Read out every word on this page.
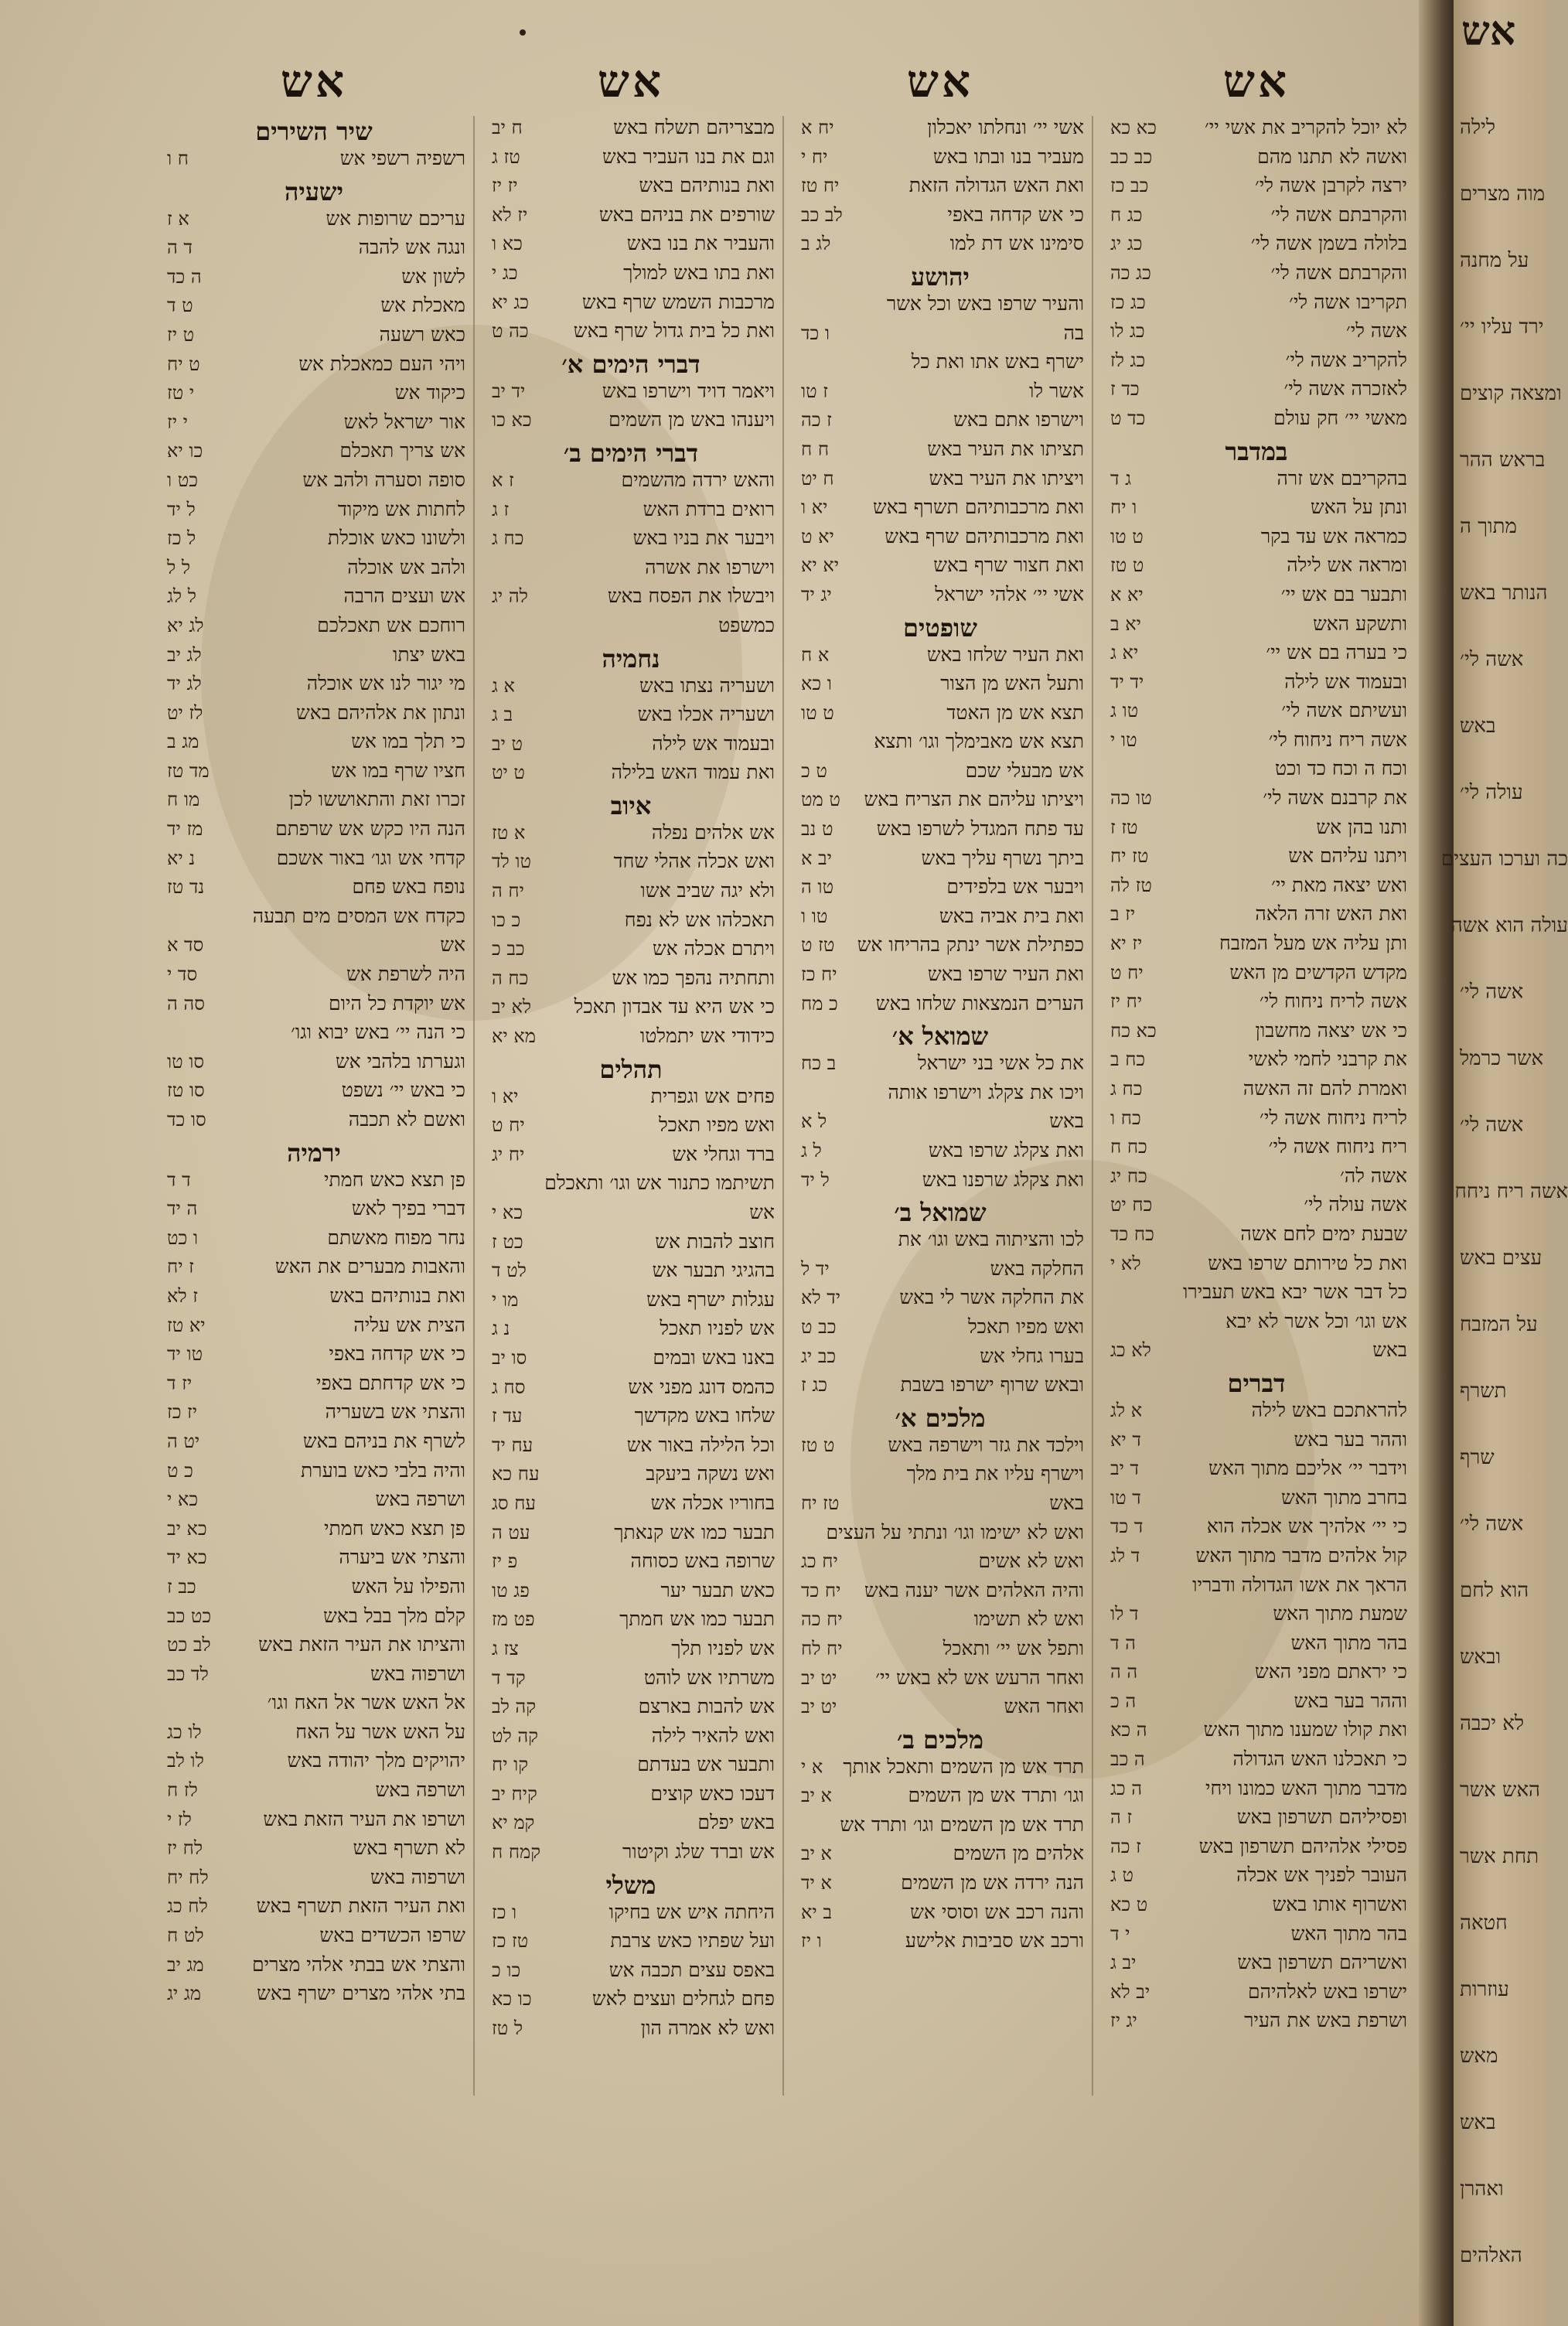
אש
לא יוכל להקריב את אשי יי׳
כא כא
ואשה לא תתנו מהם
כב כב
ירצה לקרבן אשה לי׳
כב כז
והקרבתם אשה לי׳
כג ח
בלולה בשמן אשה לי׳
כג יג
והקרבתם אשה לי׳
כג כה
תקריבו אשה לי׳
כג כז
אשה לי׳
כג לו
להקריב אשה לי׳
כג לז
לאזכרה אשה לי׳
כד ז
מאשי יי׳ חק עולם
כד ט
במדבר
בהקריבם אש זרה
ג ד
ונתן על האש
ו יח
כמראה אש עד בקר
ט טו
ומראה אש לילה
ט טז
ותבער בם אש יי׳
יא א
ותשקע האש
יא ב
כי בערה בם אש יי׳
יא ג
ובעמוד אש לילה
יד יד
ועשיתם אשה לי׳
טו ג
אשה ריח ניחוח לי׳
טו י
וכח ה וכח כד וכט
את קרבנם אשה לי׳
טו כה
ותנו בהן אש
טז ז
ויתנו עליהם אש
טז יח
ואש יצאה מאת יי׳
טז לה
ואת האש זרה הלאה
יז ב
ותן עליה אש מעל המזבח
יז יא
מקדש הקדשים מן האש
יח ט
אשה לריח ניחוח לי׳
יח יז
כי אש יצאה מחשבון
כא כח
את קרבני לחמי לאשי
כח ב
ואמרת להם זה האשה
כח ג
לריח ניחוח אשה לי׳
כח ו
ריח ניחוח אשה לי׳
כח ח
אשה לה׳
כח יג
אשה עולה לי׳
כח יט
שבעת ימים לחם אשה
כח כד
ואת כל טירותם שרפו באש
לא י
כל דבר אשר יבא באש תעבירו
אש וגו׳ וכל אשר לא יבא
באש
לא כג
דברים
להראתכם באש לילה
א לג
וההר בער באש
ד יא
וידבר יי׳ אליכם מתוך האש
ד יב
בחרב מתוך האש
ד טו
כי יי׳ אלהיך אש אכלה הוא
ד כד
קול אלהים מדבר מתוך האש
ד לג
הראך את אשו הגדולה ודבריו
שמעת מתוך האש
ד לו
בהר מתוך האש
ה ד
כי יראתם מפני האש
ה ה
וההר בער באש
ה כ
ואת קולו שמענו מתוך האש
ה כא
כי תאכלנו האש הגדולה
ה כב
מדבר מתוך האש כמונו ויחי
ה כג
ופסיליהם תשרפון באש
ז ה
פסילי אלהיהם תשרפון באש
ז כה
העובר לפניך אש אכלה
ט ג
ואשרוף אותו באש
ט כא
בהר מתוך האש
י ד
ואשריהם תשרפון באש
יב ג
ישרפו באש לאלהיהם
יב לא
ושרפת באש את העיר
יג יז
אש
אשי יי׳ ונחלתו יאכלון
יח א
מעביר בנו ובתו באש
יח י
ואת האש הגדולה הזאת
יח טז
כי אש קדחה באפי
לב כב
סימינו אש דת למו
לג ב
יהושע
והעיר שרפו באש וכל אשר
בה
ו כד
ישרף באש אתו ואת כל
אשר לו
ז טו
וישרפו אתם באש
ז כה
תציתו את העיר באש
ח ח
ויציתו את העיר באש
ח יט
ואת מרכבותיהם תשרף באש
יא ו
ואת מרכבותיהם שרף באש
יא ט
ואת חצור שרף באש
יא יא
אשי יי׳ אלהי ישראל
יג יד
שופטים
ואת העיר שלחו באש
א ח
ותעל האש מן הצור
ו כא
תצא אש מן האטד
ט טו
תצא אש מאבימלך וגו׳ ותצא
אש מבעלי שכם
ט כ
ויציתו עליהם את הצריח באש
ט מט
עד פתח המגדל לשרפו באש
ט נב
ביתך נשרף עליך באש
יב א
ויבער אש בלפידים
טו ה
ואת בית אביה באש
טו ו
כפתילת אשר ינתק בהריחו אש
טז ט
ואת העיר שרפו באש
יח כז
הערים הנמצאות שלחו באש
כ מח
שמואל א׳
את כל אשי בני ישראל
ב כח
ויכו את צקלג וישרפו אותה
באש
ל א
ואת צקלג שרפו באש
ל ג
ואת צקלג שרפנו באש
ל יד
שמואל ב׳
לכו והציתוה באש וגו׳ את
החלקה באש
יד ל
את החלקה אשר לי באש
יד לא
ואש מפיו תאכל
כב ט
בערו גחלי אש
כב יג
ובאש שרוף ישרפו בשבת
כג ז
מלכים א׳
וילכד את גזר וישרפה באש
ט טז
וישרף עליו את בית מלך
באש
טז יח
ואש לא ישימו וגו׳ ונתתי על העצים
ואש לא אשים
יח כג
והיה האלהים אשר יענה באש
יח כד
ואש לא תשימו
יח כה
ותפל אש יי׳ ותאכל
יח לח
ואחר הרעש אש לא באש יי׳
יט יב
ואחר האש
יט יב
מלכים ב׳
תרד אש מן השמים ותאכל אותך
א י
וגו׳ ותרד אש מן השמים
א יב
תרד אש מן השמים וגו׳ ותרד אש
אלהים מן השמים
א יב
הנה ירדה אש מן השמים
א יד
והנה רכב אש וסוסי אש
ב יא
ורכב אש סביבות אלישע
ו יז
אש
מבצריהם תשלח באש
ח יב
וגם את בנו העביר באש
טז ג
ואת בנותיהם באש
יז יז
שורפים את בניהם באש
יז לא
והעביר את בנו באש
כא ו
ואת בתו באש למולך
כג י
מרכבות השמש שרף באש
כג יא
ואת כל בית גדול שרף באש
כה ט
דברי הימים א׳
ויאמר דויד וישרפו באש
יד יב
ויענהו באש מן השמים
כא כו
דברי הימים ב׳
והאש ירדה מהשמים
ז א
רואים ברדת האש
ז ג
ויבער את בניו באש
כח ג
וישרפו את אשרה
ויבשלו את הפסח באש
לה יג
כמשפט
נחמיה
ושעריה נצתו באש
א ג
ושעריה אכלו באש
ב ג
ובעמוד אש לילה
ט יב
ואת עמוד האש בלילה
ט יט
איוב
אש אלהים נפלה
א טז
ואש אכלה אהלי שחד
טו לד
ולא יגה שביב אשו
יח ה
תאכלהו אש לא נפח
כ כו
ויתרם אכלה אש
כב כ
ותחתיה נהפך כמו אש
כח ה
כי אש היא עד אבדון תאכל
לא יב
כידודי אש יתמלטו
מא יא
תהלים
פחים אש וגפרית
יא ו
ואש מפיו תאכל
יח ט
ברד וגחלי אש
יח יג
תשיתמו כתנור אש וגו׳ ותאכלם
אש
כא י
חוצב להבות אש
כט ז
בהגיגי תבער אש
לט ד
עגלות ישרף באש
מו י
אש לפניו תאכל
נ ג
באנו באש ובמים
סו יב
כהמס דונג מפני אש
סח ג
שלחו באש מקדשך
עד ז
וכל הלילה באור אש
עח יד
ואש נשקה ביעקב
עח כא
בחוריו אכלה אש
עח סג
תבער כמו אש קנאתך
עט ה
שרופה באש כסוחה
פ יז
כאש תבער יער
פג טו
תבער כמו אש חמתך
פט מז
אש לפניו תלך
צז ג
משרתיו אש לוהט
קד ד
אש להבות בארצם
קה לב
ואש להאיר לילה
קה לט
ותבער אש בעדתם
קו יח
דעכו כאש קוצים
קיח יב
באש יפלם
קמ יא
אש וברד שלג וקיטור
קמח ח
משלי
היחתה איש אש בחיקו
ו כז
ועל שפתיו כאש צרבת
טז כז
באפס עצים תכבה אש
כו כ
פחם לגחלים ועצים לאש
כו כא
ואש לא אמרה הון
ל טז
אש
שיר השירים
רשפיה רשפי אש
ח ו
ישעיה
עריכם שרופות אש
א ז
ונגה אש להבה
ד ה
לשון אש
ה כד
מאכלת אש
ט ד
כאש רשעה
ט יז
ויהי העם כמאכלת אש
ט יח
כיקוד אש
י טז
אור ישראל לאש
י יז
אש צריך תאכלם
כו יא
סופה וסערה ולהב אש
כט ו
לחתות אש מיקוד
ל יד
ולשונו כאש אוכלת
ל כז
ולהב אש אוכלה
ל ל
אש ועצים הרבה
ל לג
רוחכם אש תאכלכם
לג יא
באש יצתו
לג יב
מי יגור לנו אש אוכלה
לג יד
ונתון את אלהיהם באש
לז יט
כי תלך במו אש
מג ב
חציו שרף במו אש
מד טז
זכרו זאת והתאוששו לכן
מו ח
הנה היו כקש אש שרפתם
מז יד
קדחי אש וגו׳ באור אשכם
נ יא
נופח באש פחם
נד טז
כקדח אש המסים מים תבעה
אש
סד א
היה לשרפת אש
סד י
אש יוקדת כל היום
סה ה
כי הנה יי׳ באש יבוא וגו׳
וגערתו בלהבי אש
סו טו
כי באש יי׳ נשפט
סו טז
ואשם לא תכבה
סו כד
ירמיה
פן תצא כאש חמתי
ד ד
דברי בפיך לאש
ה יד
נחר מפוח מאשתם
ו כט
והאבות מבערים את האש
ז יח
ואת בנותיהם באש
ז לא
הצית אש עליה
יא טז
כי אש קדחה באפי
טו יד
כי אש קדחתם באפי
יז ד
והצתי אש בשעריה
יז כז
לשרף את בניהם באש
יט ה
והיה בלבי כאש בוערת
כ ט
ושרפה באש
כא י
פן תצא כאש חמתי
כא יב
והצתי אש ביערה
כא יד
והפילו על האש
כב ז
קלם מלך בבל באש
כט כב
והציתו את העיר הזאת באש
לב כט
ושרפוה באש
לד כב
אל האש אשר אל האח וגו׳
על האש אשר על האח
לו כג
יהויקים מלך יהודה באש
לו לב
ושרפה באש
לז ח
ושרפו את העיר הזאת באש
לז י
לא תשרף באש
לח יז
ושרפוה באש
לח יח
ואת העיר הזאת תשרף באש
לח כג
שרפו הכשדים באש
לט ח
והצתי אש בבתי אלהי מצרים
מג יב
בתי אלהי מצרים ישרף באש
מג יג
אש
לילה
מוה מצרים
על מחנה
ירד עליו יי׳
ומצאה קוצים
בראש ההר
מתוך ה
הנותר באש
אשה לי׳
באש
עולה לי׳
כה וערכו העצים
עולה הוא אשה
אשה לי׳
אשר כרמל
אשה לי׳
אשה ריח ניחח
עצים באש
על המזבח
תשרף
שרף
אשה לי׳
הוא לחם
ובאש
לא יכבה
האש אשר
תחת אשר
חטאה
עוזרות
מאש
באש
ואהרן
האלהים
